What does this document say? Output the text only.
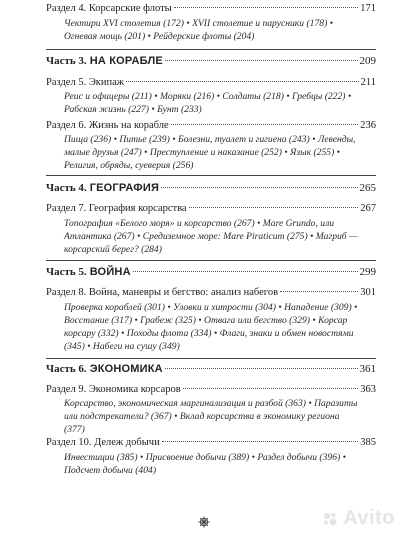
Раздел 4. Корсарские флоты	171
Чектири XVI столетия (172) • XVII столетие и парусники (178) • Огневая мощь (201) • Рейдерские флоты (204)
Часть 3. НА КОРАБЛЕ	209
Раздел 5. Экипаж	211
Реис и офицеры (211) • Моряки (216) • Солдаты (218) • Гребцы (222) • Рабская жизнь (227) • Бунт (233)
Раздел 6. Жизнь на корабле	236
Пища (236) • Питье (239) • Болезни, туалет и гигиена (243) • Левенды, малые друзья (247) • Преступление и наказание (252) • Язык (255) • Религия, обряды, суеверия (256)
Часть 4. ГЕОГРАФИЯ	265
Раздел 7. География корсарства	267
Топография «Белого моря» и корсарство (267) • Mare Grundo, или Атлантика (267) • Средиземное море: Mare Piraticum (275) • Магриб — корсарский берег? (284)
Часть 5. ВОЙНА	299
Раздел 8. Война, маневры и бегство: анализ набегов	301
Проверка кораблей (301) • Уловки и хитрости (304) • Нападение (309) • Восстание (317) • Грабеж (325) • Отвага или бегство (329) • Корсар корсару (332) • Походы флота (334) • Флаги, знаки и обмен новостями (345) • Набеги на сушу (349)
Часть 6. ЭКОНОМИКА	361
Раздел 9. Экономика корсаров	363
Корсарство, экономическая маргинализация и разбой (363) • Паразиты или подстрекатели? (367) • Вклад корсарства в экономику региона (377)
Раздел 10. Дележ добычи	385
Инвестиции (385) • Присвоение добычи (389) • Раздел добычи (396) • Подсчет добычи (404)
Avito
